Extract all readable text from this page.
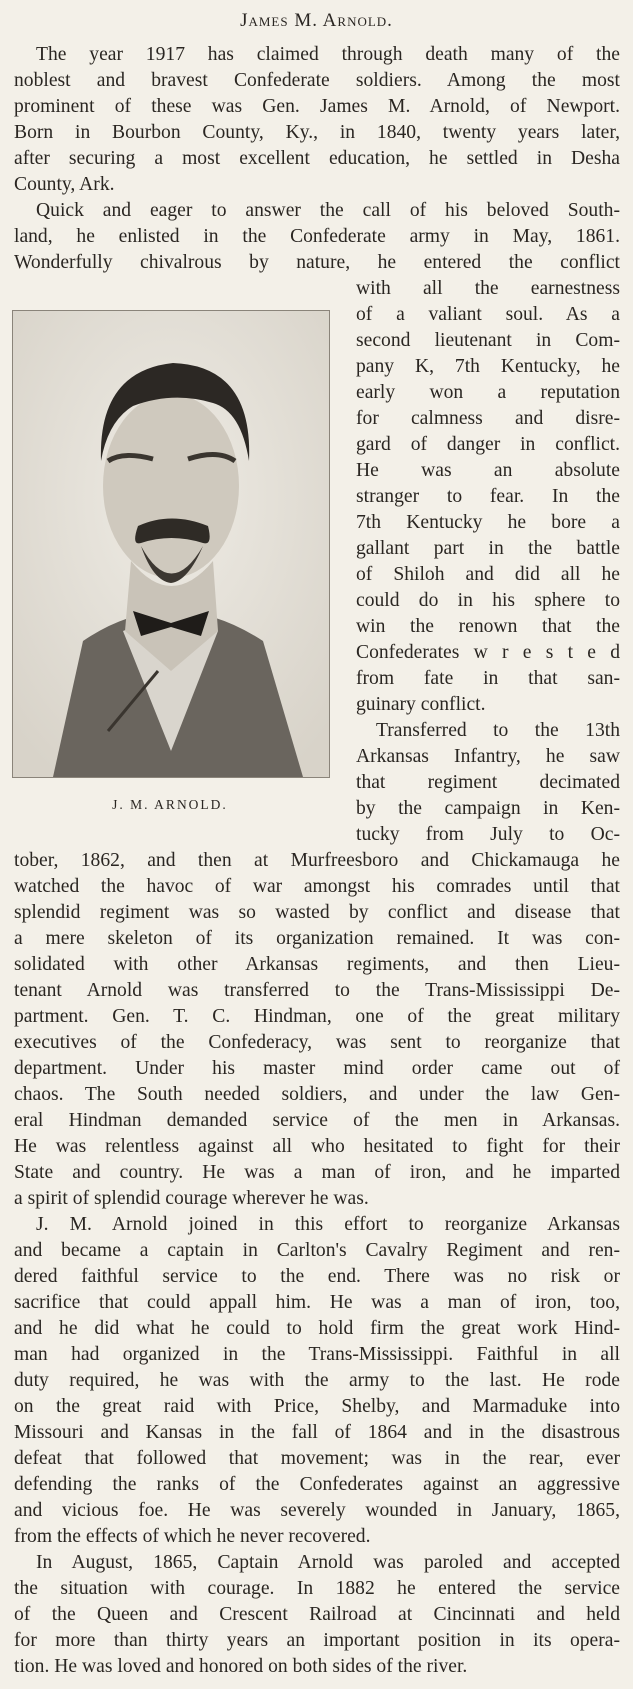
James M. Arnold.
J. M. ARNOLD.
The year 1917 has claimed through death many of the
noblest and bravest Confederate soldiers. Among the most
prominent of these was Gen. James M. Arnold, of Newport.
Born in Bourbon County, Ky., in 1840, twenty years later,
after securing a most excellent education, he settled in Desha
County, Ark.
Quick and eager to answer the call of his beloved South-
land, he enlisted in the Confederate army in May, 1861.
Wonderfully chivalrous by nature, he entered the conflict
with all the earnestness
of a valiant soul. As a
second lieutenant in Com-
pany K, 7th Kentucky, he
early won a reputation
for calmness and disre-
gard of danger in conflict.
He was an absolute
stranger to fear. In the
7th Kentucky he bore a
gallant part in the battle
of Shiloh and did all he
could do in his sphere to
win the renown that the
Confederates w r e s t e d
from fate in that san-
guinary conflict.
Transferred to the 13th
Arkansas Infantry, he saw
that regiment decimated
by the campaign in Ken-
tucky from July to Oc-
tober, 1862, and then at Murfreesboro and Chickamauga he
watched the havoc of war amongst his comrades until that
splendid regiment was so wasted by conflict and disease that
a mere skeleton of its organization remained. It was con-
solidated with other Arkansas regiments, and then Lieu-
tenant Arnold was transferred to the Trans-Mississippi De-
partment. Gen. T. C. Hindman, one of the great military
executives of the Confederacy, was sent to reorganize that
department. Under his master mind order came out of
chaos. The South needed soldiers, and under the law Gen-
eral Hindman demanded service of the men in Arkansas.
He was relentless against all who hesitated to fight for their
State and country. He was a man of iron, and he imparted
a spirit of splendid courage wherever he was.
J. M. Arnold joined in this effort to reorganize Arkansas
and became a captain in Carlton's Cavalry Regiment and ren-
dered faithful service to the end. There was no risk or
sacrifice that could appall him. He was a man of iron, too,
and he did what he could to hold firm the great work Hind-
man had organized in the Trans-Mississippi. Faithful in all
duty required, he was with the army to the last. He rode
on the great raid with Price, Shelby, and Marmaduke into
Missouri and Kansas in the fall of 1864 and in the disastrous
defeat that followed that movement; was in the rear, ever
defending the ranks of the Confederates against an aggressive
and vicious foe. He was severely wounded in January, 1865,
from the effects of which he never recovered.
In August, 1865, Captain Arnold was paroled and accepted
the situation with courage. In 1882 he entered the service
of the Queen and Crescent Railroad at Cincinnati and held
for more than thirty years an important position in its opera-
tion. He was loved and honored on both sides of the river.
